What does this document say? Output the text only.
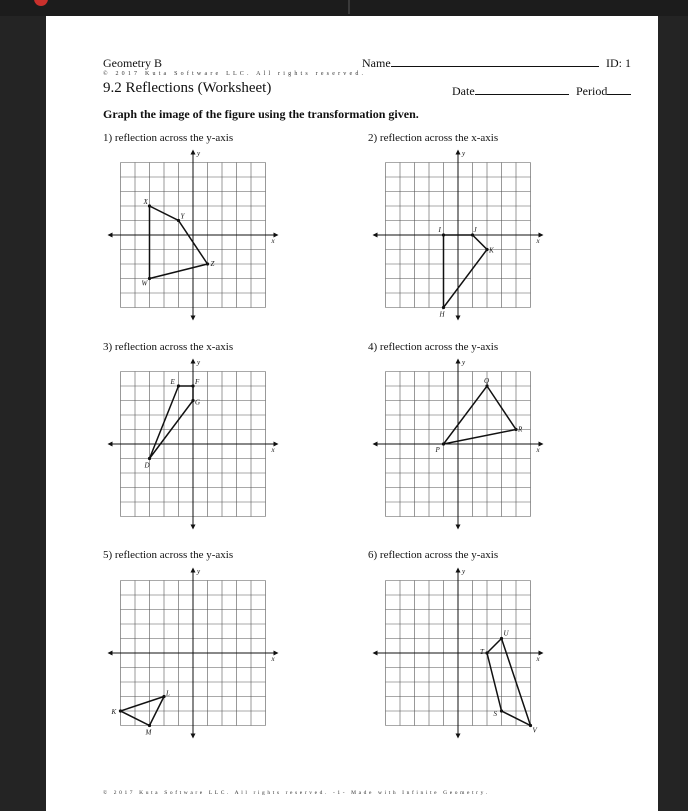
Geometry B
© 2017 Kuta Software LLC. All rights reserved.
Name	ID: 1
9.2 Reflections (Worksheet)	Date	Period
Graph the image of the figure using the transformation given.
1) reflection across the y-axis	2) reflection across the x-axis
3) reflection across the x-axis	4) reflection across the y-axis
5) reflection across the y-axis	6) reflection across the y-axis
x
y
X
Y
Z
W
x
y
I	J
K
H
x
y
E	F
G
D
x
y
Q
R
P
x
y
L
K
M
x
y
U
T
S
V
© 2017 Kuta Software LLC. All rights reserved. -1- Made with Infinite Geometry.
